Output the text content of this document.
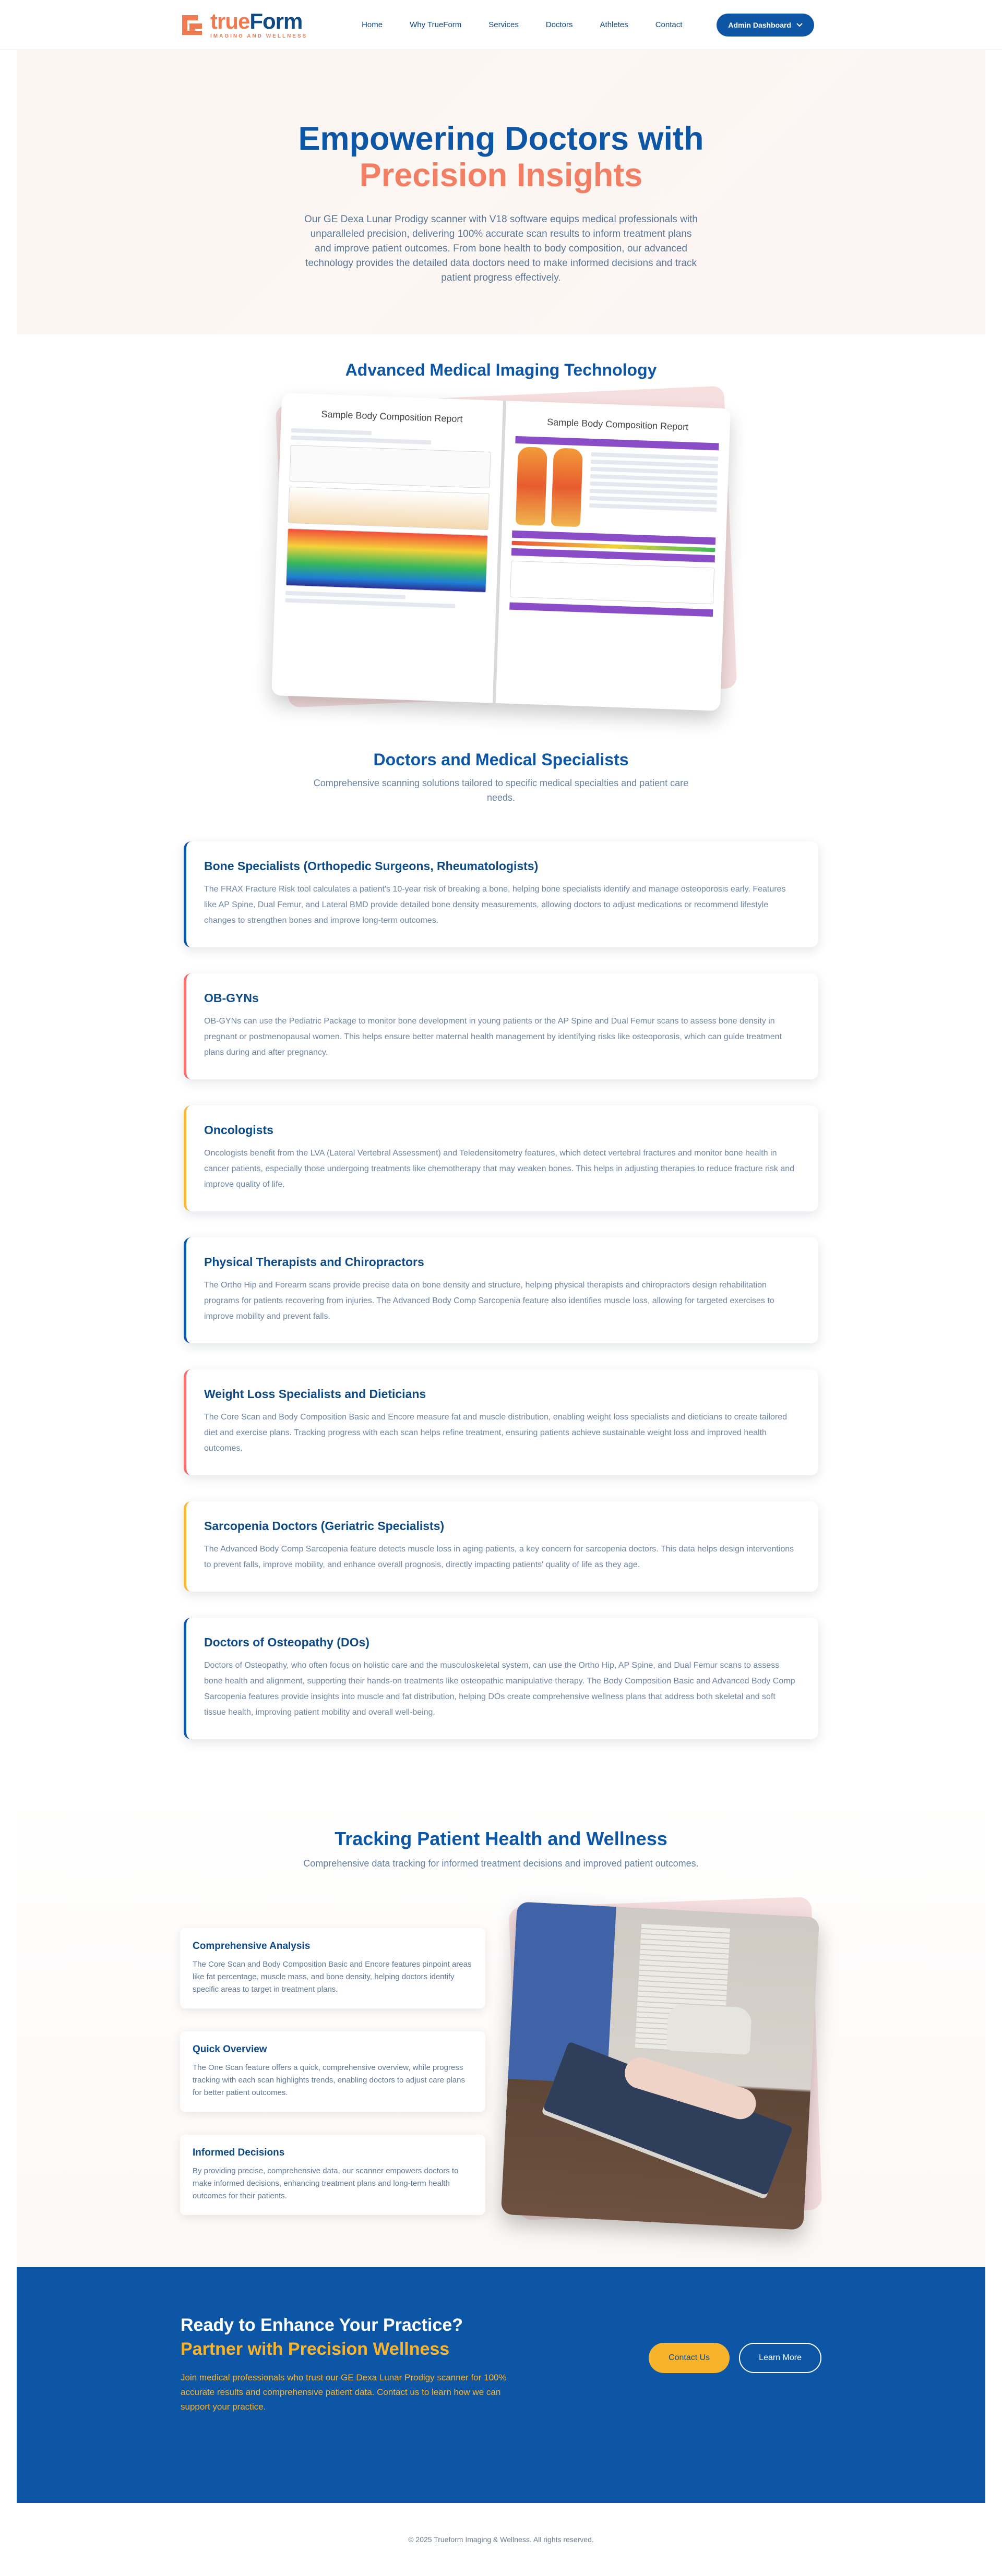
trueForm
IMAGING AND WELLNESS
Home	Why TrueForm	Services	Doctors	Athletes	Contact	Admin Dashboard
Empowering Doctors with
Precision Insights

Our GE Dexa Lunar Prodigy scanner with V18 software equips medical professionals with unparalleled precision, delivering 100% accurate scan results to inform treatment plans and improve patient outcomes. From bone health to body composition, our advanced technology provides the detailed data doctors need to make informed decisions and track patient progress effectively.

Advanced Medical Imaging Technology
Sample Body Composition Report
Sample Body Composition Report
Doctors and Medical Specialists

Comprehensive scanning solutions tailored to specific medical specialties and patient care needs.

Bone Specialists (Orthopedic Surgeons, Rheumatologists)

The FRAX Fracture Risk tool calculates a patient's 10-year risk of breaking a bone, helping bone specialists identify and manage osteoporosis early. Features like AP Spine, Dual Femur, and Lateral BMD provide detailed bone density measurements, allowing doctors to adjust medications or recommend lifestyle changes to strengthen bones and improve long-term outcomes.

OB-GYNs

OB-GYNs can use the Pediatric Package to monitor bone development in young patients or the AP Spine and Dual Femur scans to assess bone density in pregnant or postmenopausal women. This helps ensure better maternal health management by identifying risks like osteoporosis, which can guide treatment plans during and after pregnancy.

Oncologists

Oncologists benefit from the LVA (Lateral Vertebral Assessment) and Teledensitometry features, which detect vertebral fractures and monitor bone health in cancer patients, especially those undergoing treatments like chemotherapy that may weaken bones. This helps in adjusting therapies to reduce fracture risk and improve quality of life.

Physical Therapists and Chiropractors

The Ortho Hip and Forearm scans provide precise data on bone density and structure, helping physical therapists and chiropractors design rehabilitation programs for patients recovering from injuries. The Advanced Body Comp Sarcopenia feature also identifies muscle loss, allowing for targeted exercises to improve mobility and prevent falls.

Weight Loss Specialists and Dieticians

The Core Scan and Body Composition Basic and Encore measure fat and muscle distribution, enabling weight loss specialists and dieticians to create tailored diet and exercise plans. Tracking progress with each scan helps refine treatment, ensuring patients achieve sustainable weight loss and improved health outcomes.

Sarcopenia Doctors (Geriatric Specialists)

The Advanced Body Comp Sarcopenia feature detects muscle loss in aging patients, a key concern for sarcopenia doctors. This data helps design interventions to prevent falls, improve mobility, and enhance overall prognosis, directly impacting patients' quality of life as they age.

Doctors of Osteopathy (DOs)

Doctors of Osteopathy, who often focus on holistic care and the musculoskeletal system, can use the Ortho Hip, AP Spine, and Dual Femur scans to assess bone health and alignment, supporting their hands-on treatments like osteopathic manipulative therapy. The Body Composition Basic and Advanced Body Comp Sarcopenia features provide insights into muscle and fat distribution, helping DOs create comprehensive wellness plans that address both skeletal and soft tissue health, improving patient mobility and overall well-being.

Tracking Patient Health and Wellness

Comprehensive data tracking for informed treatment decisions and improved patient outcomes.

Comprehensive Analysis

The Core Scan and Body Composition Basic and Encore features pinpoint areas like fat percentage, muscle mass, and bone density, helping doctors identify specific areas to target in treatment plans.

Quick Overview

The One Scan feature offers a quick, comprehensive overview, while progress tracking with each scan highlights trends, enabling doctors to adjust care plans for better patient outcomes.

Informed Decisions

By providing precise, comprehensive data, our scanner empowers doctors to make informed decisions, enhancing treatment plans and long-term health outcomes for their patients.

Ready to Enhance Your Practice?
Partner with Precision Wellness

Join medical professionals who trust our GE Dexa Lunar Prodigy scanner for 100% accurate results and comprehensive patient data. Contact us to learn how we can support your practice.

Contact Us	Learn More
© 2025 Trueform Imaging & Wellness. All rights reserved.
